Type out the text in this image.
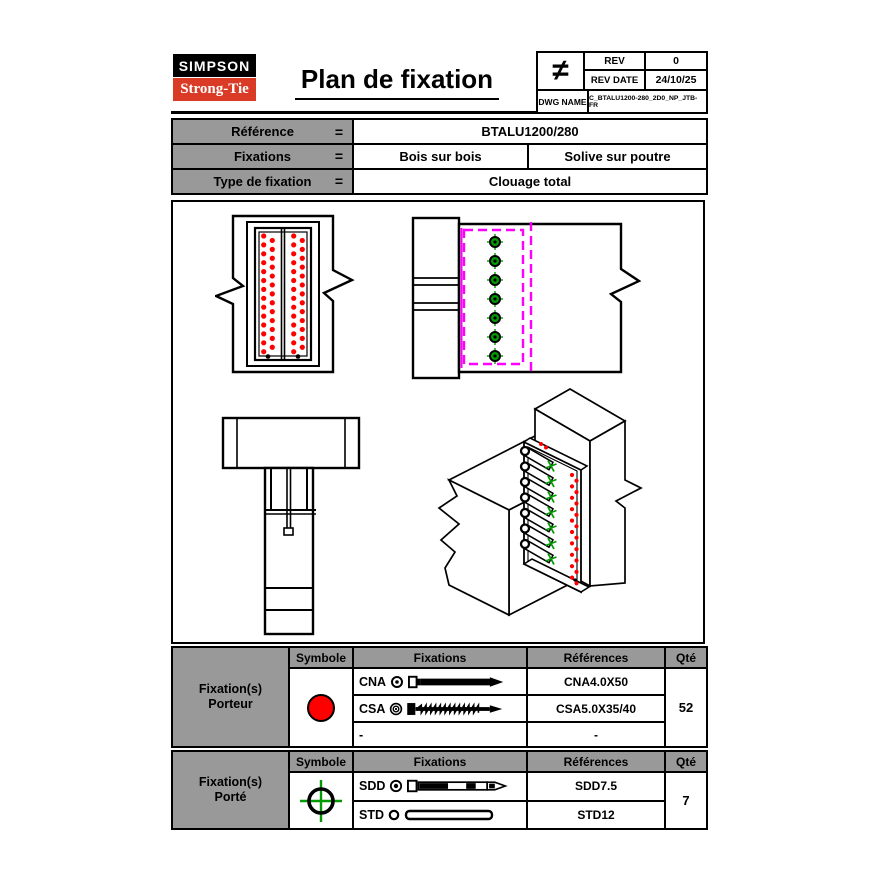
SIMPSON
Strong-Tie	Plan de fixation	≠	REV	0
REV DATE	24/10/25
DWG NAME C_BTALU1200-280_2D0_NP_JTB-FR
Référence	=	BTALU1200/280
Fixations	=	Bois sur bois	Solive sur poutre
Type de fixation =	Clouage total
Fixation(s)
Porteur
Symbole	Fixations	Références	Qté
CNA	CNA4.0X50
CSA	CSA5.0X35/40
-	-
52
Fixation(s)
Porté
Symbole	Fixations	Références	Qté
SDD	SDD7.5
STD	STD12
7
